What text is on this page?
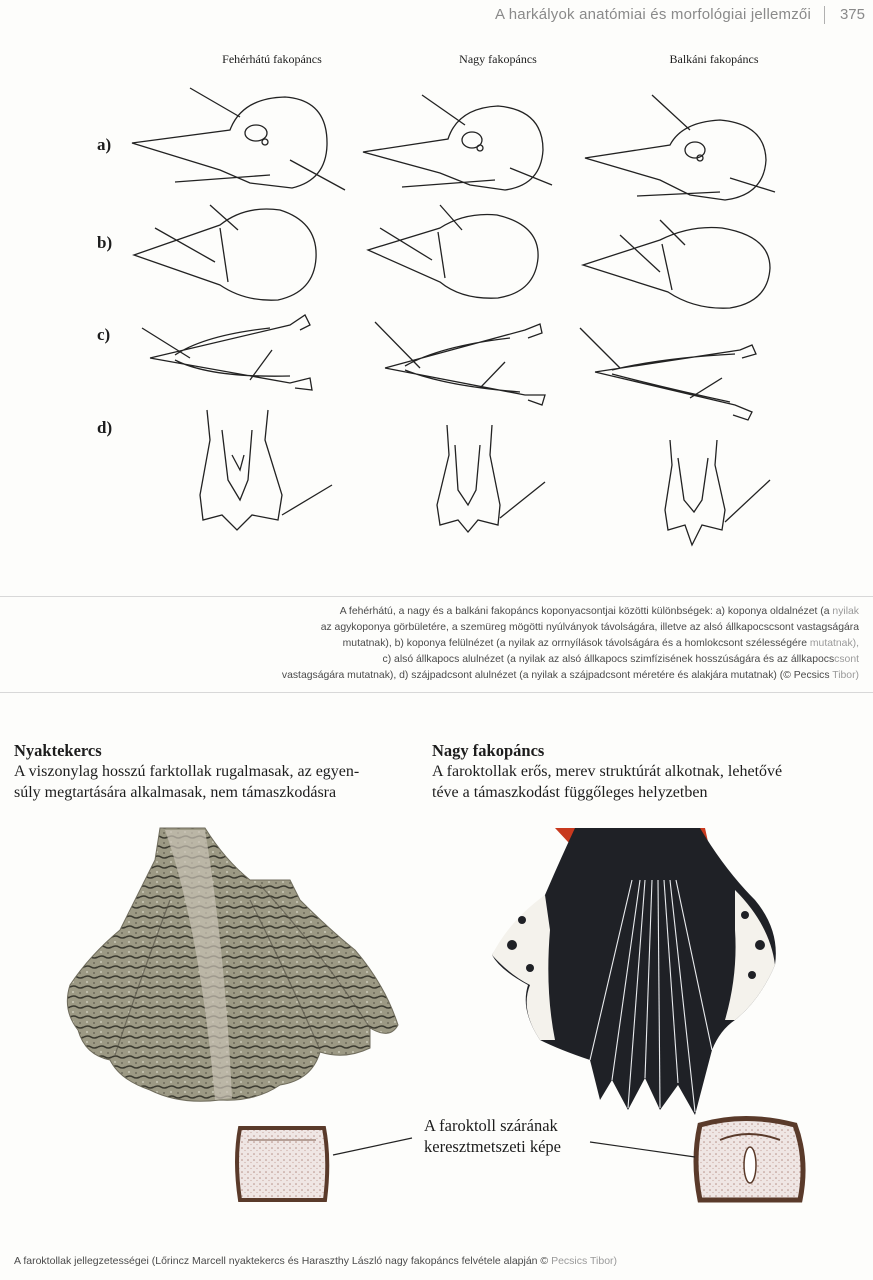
A harkályok anatómiai és morfológiai jellemzői 375
Fehérhátú fakopáncs	Nagy fakopáncs	Balkáni fakopáncs
a)
b)
c)
d)
A fehérhátú, a nagy és a balkáni fakopáncs koponyacsontjai közötti különbségek: a) koponya oldalnézet (a nyilak
az agykoponya görbületére, a szemüreg mögötti nyúlványok távolságára, illetve az alsó állkapocscsont vastagságára
mutatnak), b) koponya felülnézet (a nyilak az orrnyílások távolságára és a homlokcsont szélességére mutatnak),
c) alsó állkapocs alulnézet (a nyilak az alsó állkapocs szimfízisének hosszúságára és az állkapocscsont
vastagságára mutatnak), d) szájpadcsont alulnézet (a nyilak a szájpadcsont méretére és alakjára mutatnak) (© Pecsics Tibor)
Nyaktekercs

A viszonylag hosszú farktollak rugalmasak, az egyen-

súly megtartására alkalmasak, nem támaszkodásra

Nagy fakopáncs

A faroktollak erős, merev struktúrát alkotnak, lehetővé

téve a támaszkodást függőleges helyzetben

A faroktoll szárának
keresztmetszeti képe
A faroktollak jellegzetességei (Lőrincz Marcell nyaktekercs és Haraszthy László nagy fakopáncs felvétele alapján © Pecsics Tibor)
